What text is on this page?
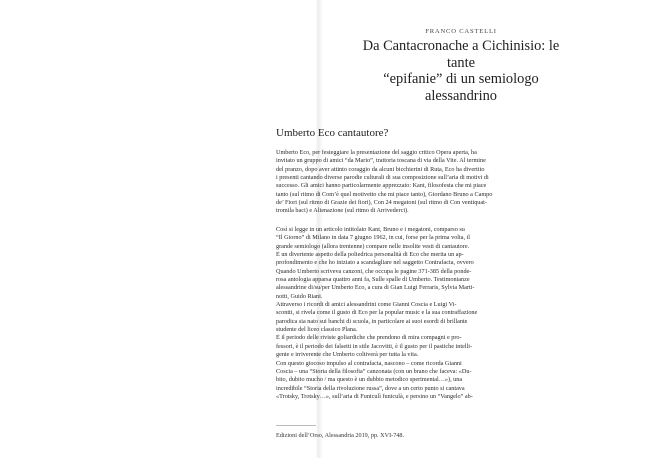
FRANCO CASTELLI
Da Cantacronache a Cichinisio: le tante
“epifanie” di un semiologo alessandrino
Umberto Eco cantautore?
Umberto Eco, per festeggiare la presentazione del saggio critico Opera aperta, ha
invitato un gruppo di amici “da Mario”, trattoria toscana di via della Vite. Al termine
del pranzo, dopo aver attinto coraggio da alcuni bicchierini di Ruta, Eco ha divertito
i presenti cantando diverse parodie culturali di sua composizione sull’aria di motivi di
successo. Gli amici hanno particolarmente apprezzato: Kant, filosofesta che mi piace
tanto (sul ritmo di Com’è quel motivetto che mi piace tanto), Giordano Bruno a Campo
de’ Fiori (sul ritmo di Grazie dei fiori), Con 24 megatoni (sul ritmo di Con ventiquat-
tromila baci) e Alienazione (sul ritmo di Arrivederci).
Così si legge in un articolo intitolato Kant, Bruno e i megatoni, comparso su
“Il Giorno” di Milano in data 7 giugno 1962, in cui, forse per la prima volta, il
grande semiologo (allora trentenne) compare nelle insolite vesti di cantautore.
È un divertente aspetto della poliedrica personalità di Eco che merita un ap-
profondimento e che ho iniziato a scandagliare nel saggetto Contrafacta, ovvero
Quando Umberto scriveva canzoni, che occupa le pagine 371-385 della ponde-
rosa antologia apparsa quattro anni fa, Sulle spalle di Umberto. Testimonianze
alessandrine di/su/per Umberto Eco, a cura di Gian Luigi Ferraris, Sylvia Marti-
notti, Guido Riani.
Attraverso i ricordi di amici alessandrini come Gianni Coscia e Luigi Vi-
scontti, si rivela come il gusto di Eco per la popular music e la sua contraffazione
parodica sia nato sui banchi di scuola, in particolare ai suoi esordi di brillante
studente del liceo classico Plana.
È il periodo delle riviste goliardiche che prendono di mira compagni e pro-
fessori, è il periodo dei falsetti in stile Jacovitti, è il gusto per il pastiche intelli-
gente e irriverente che Umberto coltiverà per tutta la vita.
Con questo giocoso impulso al contrafacta, nascono – come ricorda Gianni
Coscia – una “Storia della filosofia” canzonata (con un brano che faceva: «Du-
bito, dubito mucho / ma questo è un dubbio metodico sperimental…»), una
incredibile “Storia della rivoluzione russa”, dove a un certo punto si cantava
«Trotsky, Trotsky…», sull’aria di Funiculì funiculà, e persino un “Vangelo” ab-
Edizioni dell’Orso, Alessandria 2019, pp. XVI-748.
